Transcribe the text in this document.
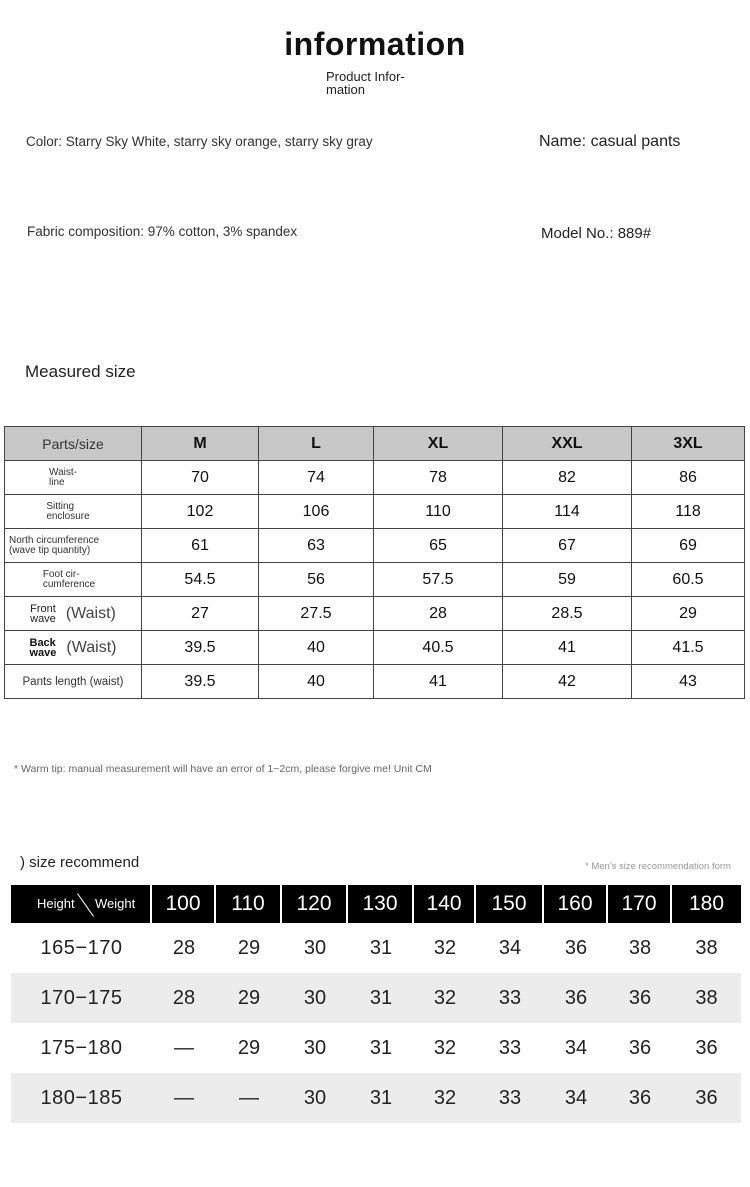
information
Product Infor-
mation
Color: Starry Sky White, starry sky orange, starry sky gray	Name: casual pants
Fabric composition: 97% cotton, 3% spandex	Model No.: 889#
Measured size
Parts/size	M	L	XL	XXL	3XL

Waist-
line	70	74	78	82	86

Sitting
enclosure	102	106	110	114	118

North circumference
(wave tip quantity)	61	63	65	67	69

Foot cir-
cumference	54.5	56	57.5	59	60.5

Front
wave (Waist)	27	27.5	28	28.5	29

Back
wave (Waist)	39.5	40	40.5	41	41.5
Pants length (waist)	39.5	40	41	42	43
* Warm tip: manual measurement will have an error of 1~2cm, please forgive me! Unit CM
) size recommend	* Men's size recommendation form
Height Weight	100	110	120	130	140	150	160	170	180
165−170	28	29	30	31	32	34	36	38	38
170−175	28	29	30	31	32	33	36	36	38
175−180	—	29	30	31	32	33	34	36	36
180−185	—	—	30	31	32	33	34	36	36
